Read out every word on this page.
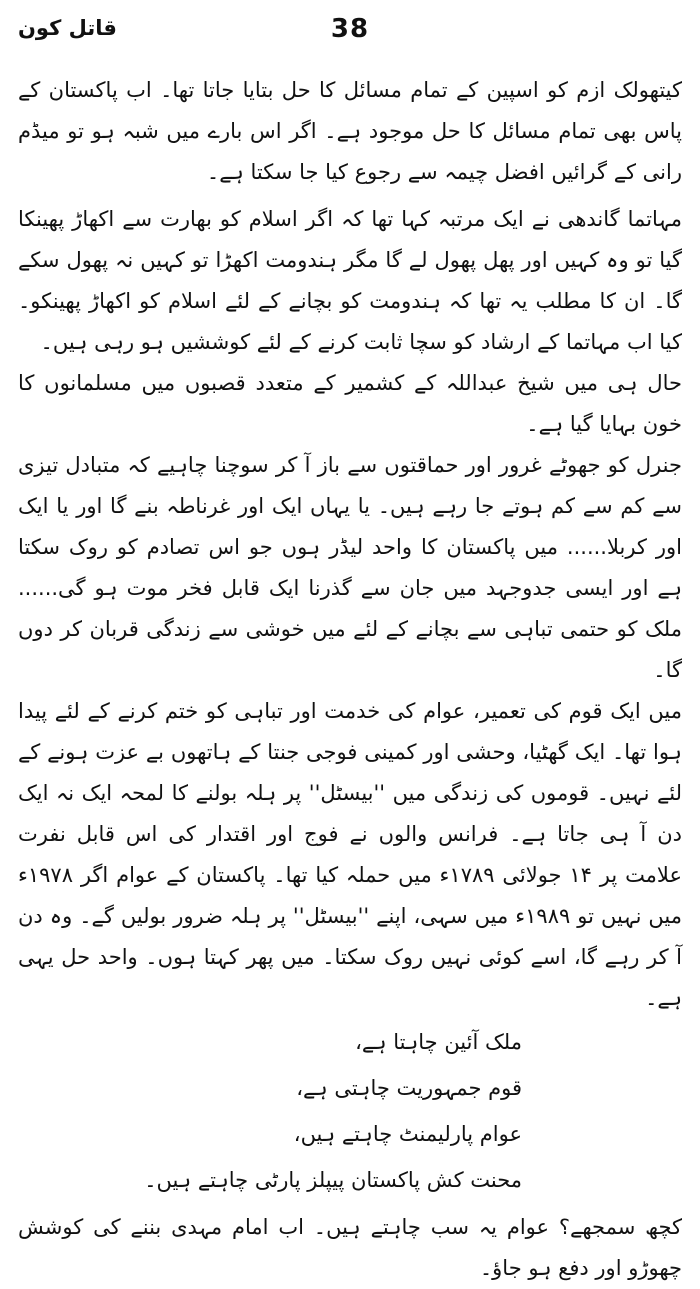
38
قاتل کون

کیتھولک ازم کو اسپین کے تمام مسائل کا حل بتایا جاتا تھا۔ اب پاکستان کے پاس بھی تمام مسائل کا حل موجود ہے۔ اگر اس بارے میں شبہ ہو تو میڈم رانی کے گرائیں افضل چیمہ سے رجوع کیا جا سکتا ہے۔

مہاتما گاندھی نے ایک مرتبہ کہا تھا کہ اگر اسلام کو بھارت سے اکھاڑ پھینکا گیا تو وہ کہیں اور پھل پھول لے گا مگر ہندومت اکھڑا تو کہیں نہ پھول سکے گا۔ ان کا مطلب یہ تھا کہ ہندومت کو بچانے کے لئے اسلام کو اکھاڑ پھینکو۔ کیا اب مہاتما کے ارشاد کو سچا ثابت کرنے کے لئے کوششیں ہو رہی ہیں۔

حال ہی میں شیخ عبداللہ کے کشمیر کے متعدد قصبوں میں مسلمانوں کا خون بہایا گیا ہے۔

جنرل کو جھوٹے غرور اور حماقتوں سے باز آ کر سوچنا چاہیے کہ متبادل تیزی سے کم سے کم ہوتے جا رہے ہیں۔ یا یہاں ایک اور غرناطہ بنے گا اور یا ایک اور کربلا...... میں پاکستان کا واحد لیڈر ہوں جو اس تصادم کو روک سکتا ہے اور ایسی جدوجہد میں جان سے گذرنا ایک قابل فخر موت ہو گی...... ملک کو حتمی تباہی سے بچانے کے لئے میں خوشی سے زندگی قربان کر دوں گا۔

میں ایک قوم کی تعمیر، عوام کی خدمت اور تباہی کو ختم کرنے کے لئے پیدا ہوا تھا۔ ایک گھٹیا، وحشی اور کمینی فوجی جنتا کے ہاتھوں بے عزت ہونے کے لئے نہیں۔ قوموں کی زندگی میں ''بیسٹل'' پر ہلہ بولنے کا لمحہ ایک نہ ایک دن آ ہی جاتا ہے۔ فرانس والوں نے فوج اور اقتدار کی اس قابل نفرت علامت پر ۱۴ جولائی ۱۷۸۹ء میں حملہ کیا تھا۔ پاکستان کے عوام اگر ۱۹۷۸ء میں نہیں تو ۱۹۸۹ء میں سہی، اپنے ''بیسٹل'' پر ہلہ ضرور بولیں گے۔ وہ دن آ کر رہے گا، اسے کوئی نہیں روک سکتا۔ میں پھر کہتا ہوں۔ واحد حل یہی ہے۔

ملک آئین چاہتا ہے،
قوم جمہوریت چاہتی ہے،
عوام پارلیمنٹ چاہتے ہیں،
محنت کش پاکستان پیپلز پارٹی چاہتے ہیں۔

کچھ سمجھے؟ عوام یہ سب چاہتے ہیں۔ اب امام مہدی بننے کی کوشش چھوڑو اور دفع ہو جاؤ۔
